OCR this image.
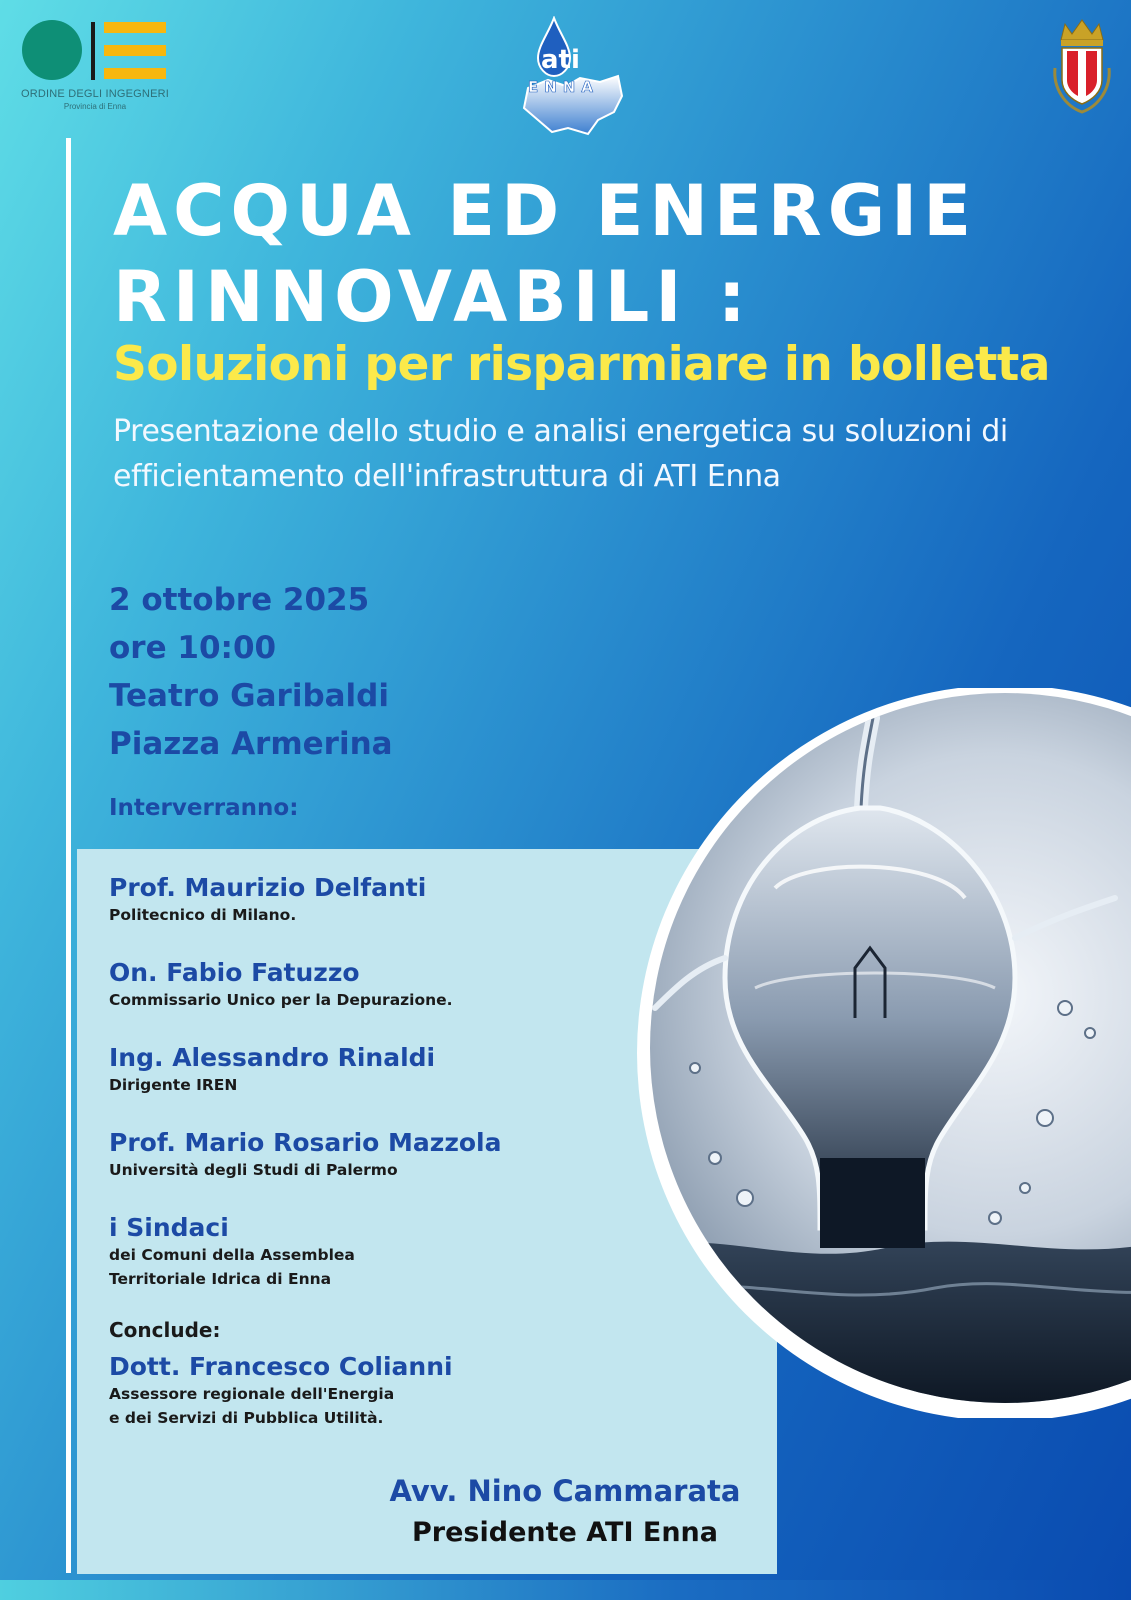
ORDINE DEGLI INGEGNERI
Provincia di Enna
ati
ENNA
ACQUA ED ENERGIE
RINNOVABILI :
Soluzioni per risparmiare in bolletta
Presentazione dello studio e analisi energetica su soluzioni di efficientamento dell'infrastruttura di ATI Enna
2 ottobre 2025
ore 10:00
Teatro Garibaldi
Piazza Armerina
Interverranno:
Prof. Maurizio Delfanti
Politecnico di Milano.
On. Fabio Fatuzzo
Commissario Unico per la Depurazione.
Ing. Alessandro Rinaldi
Dirigente IREN
Prof. Mario Rosario Mazzola
Università degli Studi di Palermo
i Sindaci
dei Comuni della Assemblea
Territoriale Idrica di Enna
Conclude:
Dott. Francesco Colianni
Assessore regionale dell'Energia
e dei Servizi di Pubblica Utilità.
Avv. Nino Cammarata
Presidente ATI Enna
